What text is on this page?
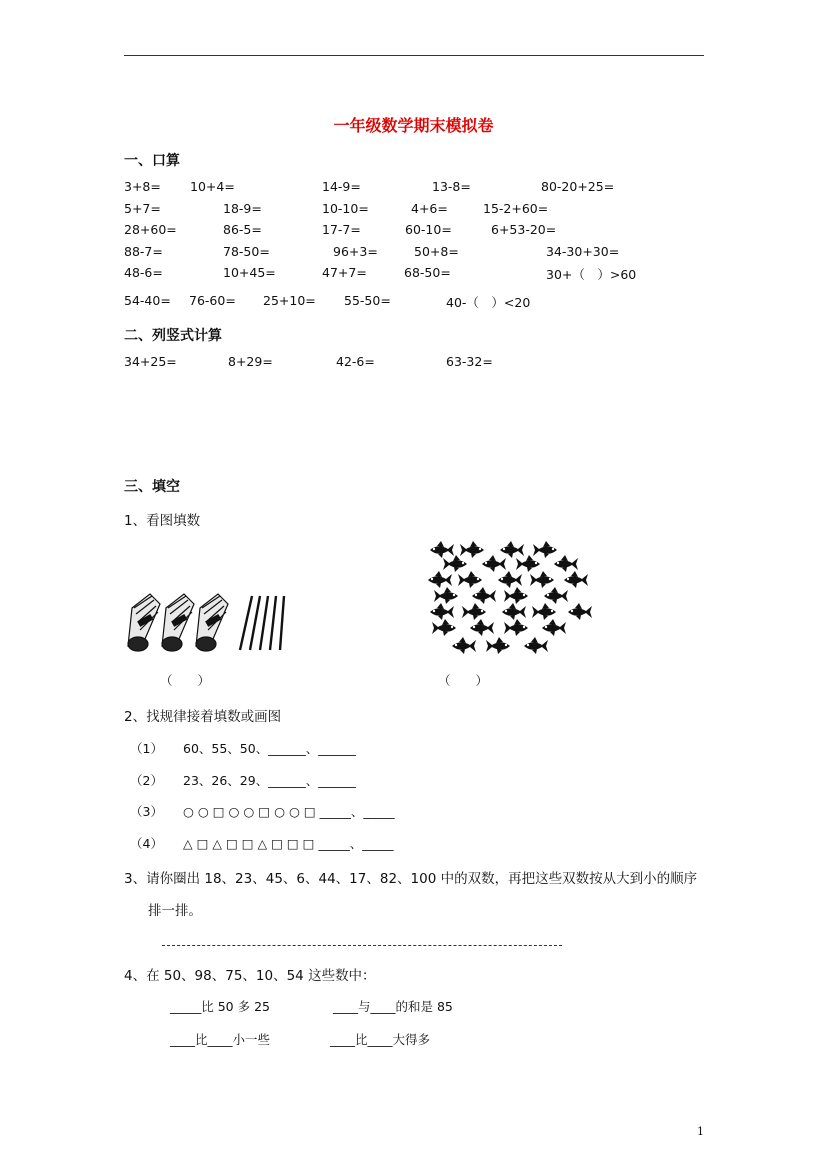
一年级数学期末模拟卷
一、口算
3+8= 10+4=	14-9=	13-8=	80-20+25=
5+7=	18-9=	10-10=	4+6=	15-2+60=
28+60=	86-5=	17-7=	60-10=	6+53-20=
88-7=	78-50=	96+3=	50+8=	34-30+30=
48-6=	10+45=	47+7=	68-50=	30+（　）>60
54-40= 76-60= 25+10= 55-50=	40-（　）<20
二、列竖式计算
34+25=	8+29=	42-6=	63-32=
三、填空
1、看图填数
（　　）	（　　）
2、找规律接着填数或画图
（1） 60、55、50、______、______
（2） 23、26、29、______、______
（3） ○ ○ □ ○ ○ □ ○ ○ □ _____、_____
（4） △ □ △ □ □ △ □ □ □ _____、_____
3、请你圈出 18、23、45、6、44、17、82、100 中的双数，再把这些双数按从大到小的顺序
排一排。
4、在 50、98、75、10、54 这些数中：
_____比 50 多 25	____与____的和是 85
____比____小一些	____比____大得多
1
